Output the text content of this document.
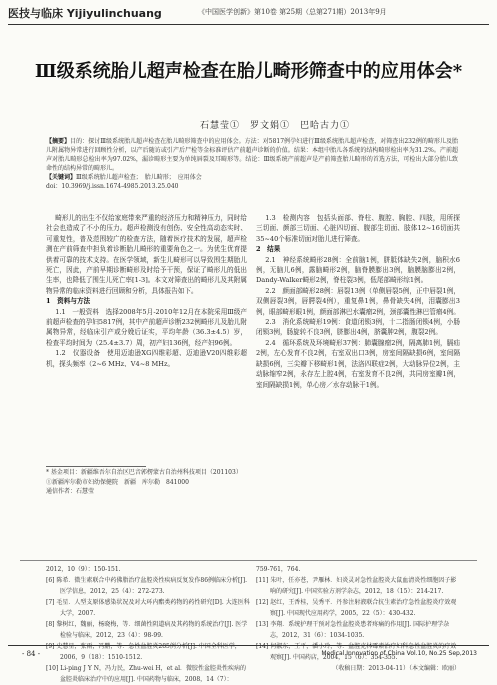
医技与临床 Yijiyulinchuang	《中国医学创新》第10卷 第25期（总第271期）2013年9月
Ⅲ级系统胎儿超声检查在胎儿畸形筛查中的应用体会*
石慧莹①　罗文娟①　巴哈古力①
【摘要】目的：探讨Ⅲ级系统胎儿超声检查在胎儿畸形筛查中的应用体会。方法：对5817例孕妇进行Ⅲ级系统胎儿超声检查，对筛查出232例的畸形儿及胎儿附属物异常进行回顾性分析，以产后随访或引产后尸检等金标准评估产前超声诊断的价值。结果：本组中胎儿各系统的结构畸形检出率为31.2%。产前超声对胎儿畸形总检出率为97.02%，漏诊畸形主要为单纯唇裂及耳畸形等。结论：Ⅲ级系统产前超声是产前筛查胎儿畸形的首选方法，可检出大部分胎儿致命性的结构异常的畸形儿。
【关键词】Ⅲ级系统胎儿超声检查；　胎儿畸形；　应用体会
doi：10.3969/j.issn.1674-4985.2013.25.040

畸形儿的出生不仅给家庭带来严重的经济压力和精神压力，同时给社会也造成了不小的压力。超声检测没有创伤、安全性高动态实时、可重复性，普及范围较广的检查方法，随着医疗技术的发展，超声检测在产前筛查中担负着诊断胎儿畸形的重要角色之一。为优生优育提供着可靠的技术支持。在医学领域，新生儿畸形可以导致围生期胎儿死亡，因此，产前早期诊断畸形及时给予干预，保证了畸形儿的低出生率，也降低了围生儿死亡率[1-3]。本文对筛查出的畸形儿及其附属物异常的临床资料进行回顾和分析，具体报告如下。

1　资料与方法

1.1　一般资料　选择2008年5月-2010年12月在本院采用Ⅲ级产前超声检查的孕妇5817例，其中产前超声诊断232例畸形儿及胎儿附属物异常，经临床引产或分娩后证实，平均年龄（36.3±4.5）岁，检查平均时间为（25.4±3.7）周，初产妇136例，经产妇96例。

1.2　仪器设备　使用迈迪逊XG四维彩超、迈迪逊V20四维彩超机，探头频率（2~6 MHz、V4~8 MHz。

* 基金项目：新疆维吾尔自治区巴音郭楞蒙古自治州科技项目（201103）
①新疆库尔勒市妇幼保健院　新疆　库尔勒　841000
通信作者：石慧莹

1.3　检测内容　包括头面部、脊柱、腹腔、胸腔、四肢，用所探三切面、颜部三切面、心脏四切面、腹部生切面、肢体12~16切面共35~40个标准切面对胎儿进行筛查。

2　结果

2.1　神经系统畸形28例：全前脑1例，胼胝体缺失2例，脑积水6例，无脑儿6例，露脑畸形2例，脑脊膜膨出3例，脑膜脑膨出2例，Dandy-Walker畸形2例，脊柱裂3例，低尾部畸形综1例。

2.2　颜面部畸形28例：唇裂13例（单侧唇裂5例，正中唇裂1例，双侧唇裂3例，唇腭裂4例），重复鼻1例，鼻骨缺失4例，泪囊膨出3例，眼部畸形眼1例，颜面部淋巴水囊瘤2例，颈部囊性淋巴管瘤4例。

2.3　消化系统畸形19例：食道闭锁3例，十二指肠闭锁4例，小肠闭锁3例，肠旋转不良3例，脐膨出4例，脐囊肿2例，腹裂2例。

2.4　循环系统及环境畸形37例：肺囊腺瘤2例，隔离肺1例，膈疝2例，左心发育不良2例，右室双出口3例，房室间隔缺损6例，室间隔缺损6例，三尖瓣下移畸形1例，法洛四联症2例，大动脉异位2例，主动脉缩窄2例，永存左上腔4例，右室发育不良2例，共同房室瓣1例，室间隔缺损1例，单心房／水存动脉干1例。

2012，10（9）：150-151.
[6] 陈希．微生素联合中药佛脂治疗盆腔炎性疾病反复发作86例临床分析[J]. 医学信息，2012，25（4）：272-273.
[7] 毛星．人型支原体感染状况及对大环内酯类药物的药性研究[D]. 大连医科大学，2007.
[8] 黎树红，魏丽，杨晓梅，等．细菌性阴道病及其药物的系统治疗[J]. 医学检验与临床，2012，23（4）：98-99.
[9] 史慧星，张雨，冯鹏，等．急性盆腔炎285例分析[J]. 中国全科医学，2006，9（18）：1510-1512.
[10] Li-ping J Y N，冯力民，Zhu-wei H，et al．微胶性盆腔炎性疾病的盆腔炎临床治疗中的应用[J]. 中国药物与临床，2008，14（7）：
759-761，764.
[11] 朱叶，任亦苍，尹雁林．妇炎灵对急性盆腔炎大鼠血清炎性细胞因子影响的研究[J]. 中国实验方剂学杂志，2012，18（15）：214-217.
[12] 赵红，王香桂，吴秀平．丹参注射液联合抗生素治疗急性盆腔炎疗效观察[J]. 中国现代应用药学，2005，22（5）：430-432.
[13] 李翔．系统护理干预对急性盆腔炎患者疼痛的作用[J]. 国际护理学杂志，2012，31（6）：1034-1035.
[14] 何淑东，王平，潘小玲，等．盆腔克林霉素治疗妇科急性盆腔炎的疗效观察[J]. 中国药店，2004，15（6）：354-355.
（收稿日期：2013-04-11）（本文编辑：欧丽）
- 84 -	Medical Innovation of China Vol.10, No.25 Sep,2013
